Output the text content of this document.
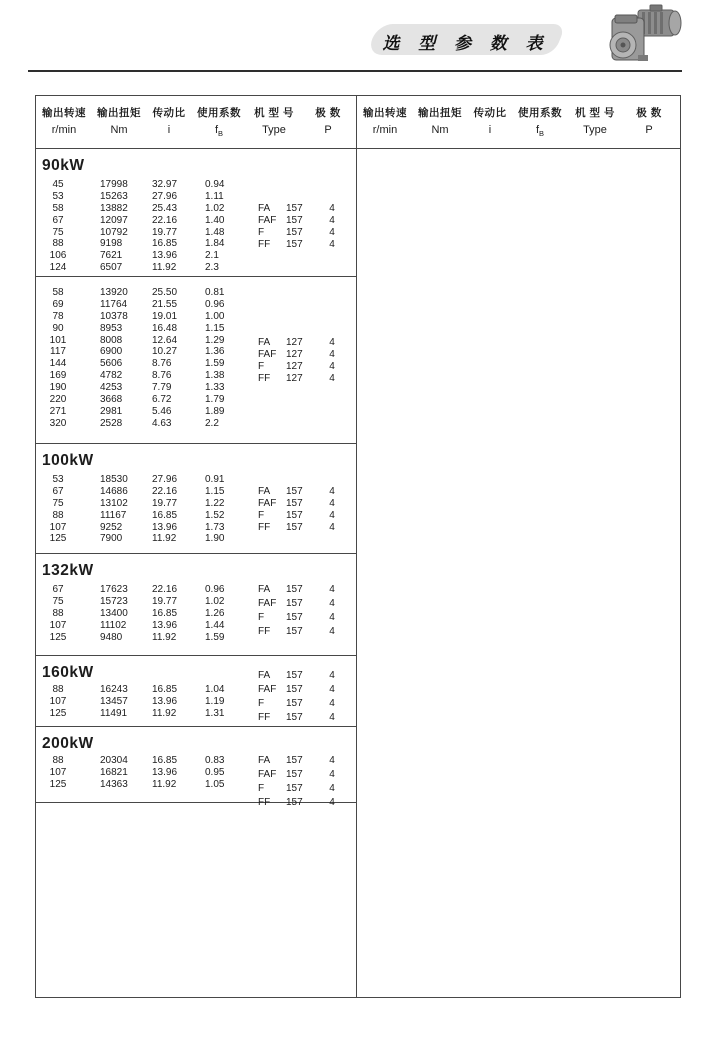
选 型 参 数 表
输出转速	输出扭矩	传动比	使用系数	机 型 号	极 数
r/min	Nm	i	$f_B$	Type	P
90kW
45	17998	32.97	0.94
53	15263	27.96	1.11
58	13882	25.43	1.02
67	12097	22.16	1.40
75	10792	19.77	1.48
88	9198	16.85	1.84
106	7621	13.96	2.1
124	6507	11.92	2.3
FA	157	4
FAF 157	4
F	157	4
FF	157	4
58	13920	25.50	0.81
69	11764	21.55	0.96
78	10378	19.01	1.00
90	8953	16.48	1.15
101	8008	12.64	1.29
117	6900	10.27	1.36
144	5606	8.76	1.59
169	4782	8.76	1.38
190	4253	7.79	1.33
220	3668	6.72	1.79
271	2981	5.46	1.89
320	2528	4.63	2.2
FA	127	4
FAF 127	4
F	127	4
FF	127	4
100kW
53	18530	27.96	0.91
67	14686	22.16	1.15
75	13102	19.77	1.22
88	11167	16.85	1.52
107	9252	13.96	1.73
125	7900	11.92	1.90
FA	157	4
FAF 157	4
F	157	4
FF	157	4
132kW
67	17623	22.16	0.96
75	15723	19.77	1.02
88	13400	16.85	1.26
107	11102	13.96	1.44
125	9480	11.92	1.59
FA	157	4
FAF 157	4
F	157	4
FF	157	4
160kW
88	16243	16.85	1.04
107	13457	13.96	1.19
125	11491	11.92	1.31
FA	157	4
FAF 157	4
F	157	4
FF	157	4
200kW
88	20304	16.85	0.83
107	16821	13.96	0.95
125	14363	11.92	1.05
FA	157	4
FAF 157	4
F	157	4
FF	157	4
输出转速	输出扭矩	传动比	使用系数	机 型 号	极 数
r/min	Nm	i	$f_B$	Type	P
